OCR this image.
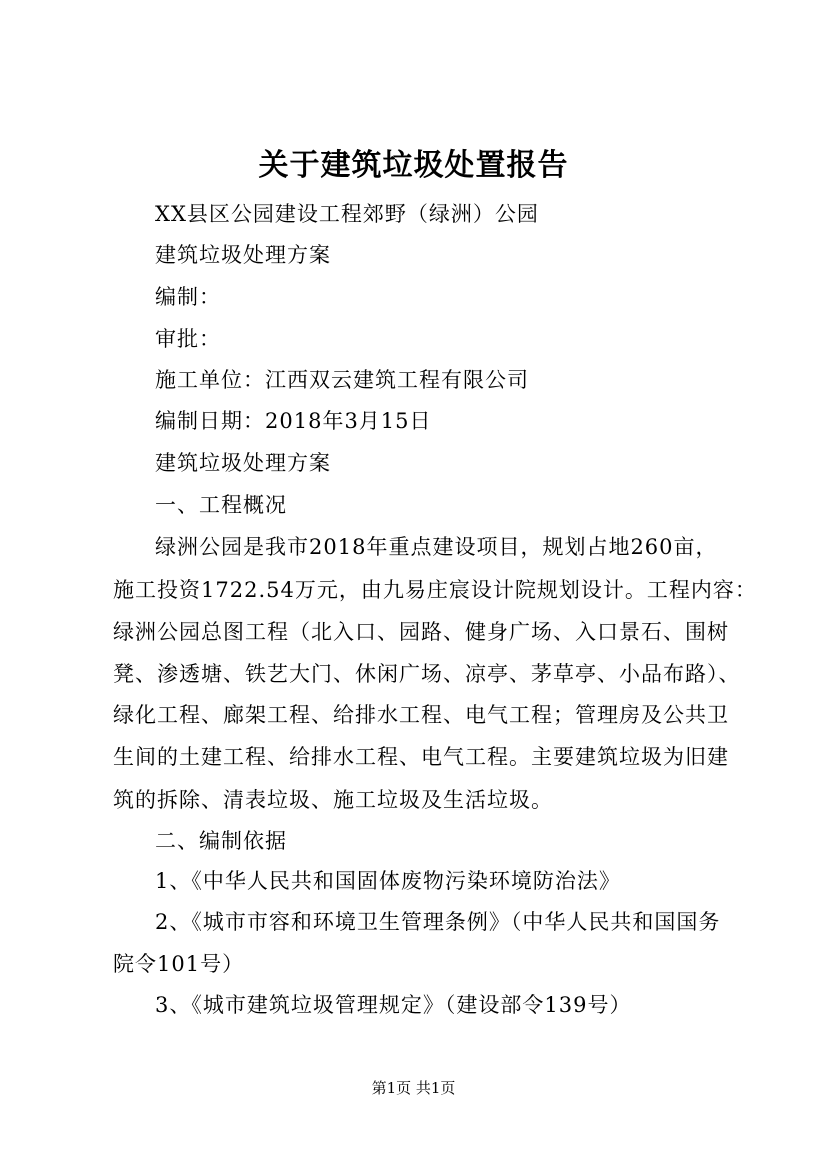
关于建筑垃圾处置报告
XX县区公园建设工程郊野（绿洲）公园
建筑垃圾处理方案
编制：
审批：
施工单位：江西双云建筑工程有限公司
编制日期：2018年3月15日
建筑垃圾处理方案
一、工程概况
绿洲公园是我市2018年重点建设项目，规划占地260亩，
施工投资1722.54万元，由九易庄宸设计院规划设计。工程内容：
绿洲公园总图工程（北入口、园路、健身广场、入口景石、围树
凳、渗透塘、铁艺大门、休闲广场、凉亭、茅草亭、小品布路）、
绿化工程、廊架工程、给排水工程、电气工程；管理房及公共卫
生间的土建工程、给排水工程、电气工程。主要建筑垃圾为旧建
筑的拆除、清表垃圾、施工垃圾及生活垃圾。
二、编制依据
1、《中华人民共和国固体废物污染环境防治法》
2、《城市市容和环境卫生管理条例》（中华人民共和国国务
院令101号）
3、《城市建筑垃圾管理规定》（建设部令139号）
第1页 共1页
